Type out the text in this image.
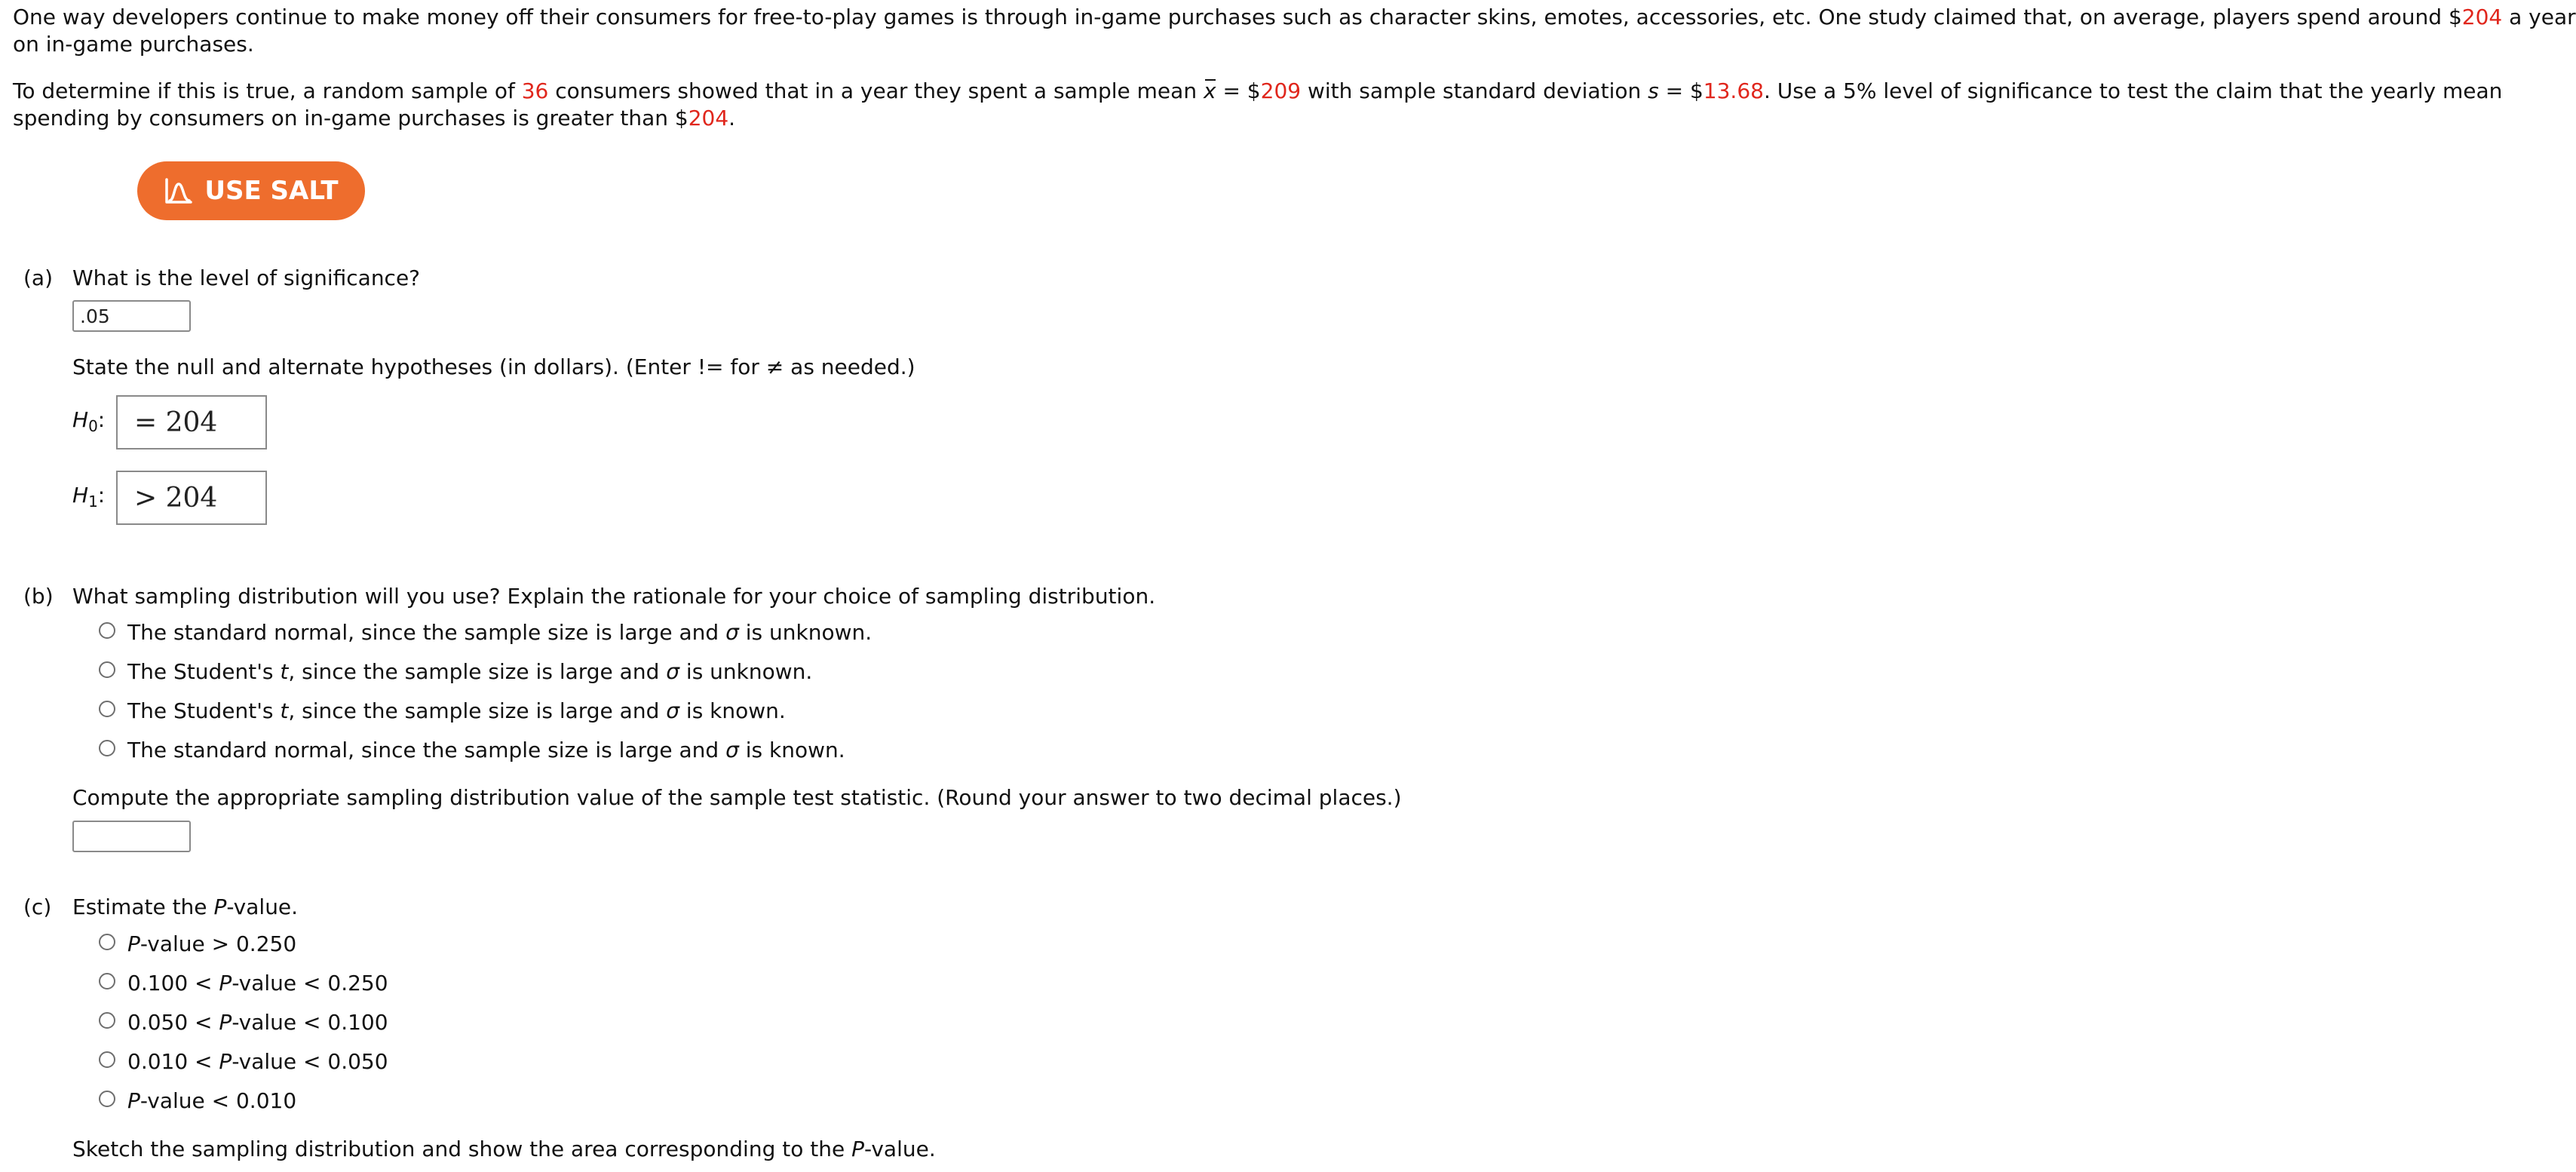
One way developers continue to make money off their consumers for free-to-play games is through in-game purchases such as character skins, emotes, accessories, etc. One study claimed that, on average, players spend around $204 a year
on in-game purchases.
To determine if this is true, a random sample of 36 consumers showed that in a year they spent a sample mean x = $209 with sample standard deviation s = $13.68. Use a 5% level of significance to test the claim that the yearly mean
spending by consumers on in-game purchases is greater than $204.
USE SALT
(a) What is the level of significance?
.05
State the null and alternate hypotheses (in dollars). (Enter != for ≠ as needed.)
$H_0$: = 204
$H_1$: > 204
(b) What sampling distribution will you use? Explain the rationale for your choice of sampling distribution.
The standard normal, since the sample size is large and σ is unknown.
The Student's t, since the sample size is large and σ is unknown.
The Student's t, since the sample size is large and σ is known.
The standard normal, since the sample size is large and σ is known.
Compute the appropriate sampling distribution value of the sample test statistic. (Round your answer to two decimal places.)
(c) Estimate the P-value.
P-value > 0.250
0.100 < P-value < 0.250
0.050 < P-value < 0.100
0.010 < P-value < 0.050
P-value < 0.010
Sketch the sampling distribution and show the area corresponding to the P-value.
